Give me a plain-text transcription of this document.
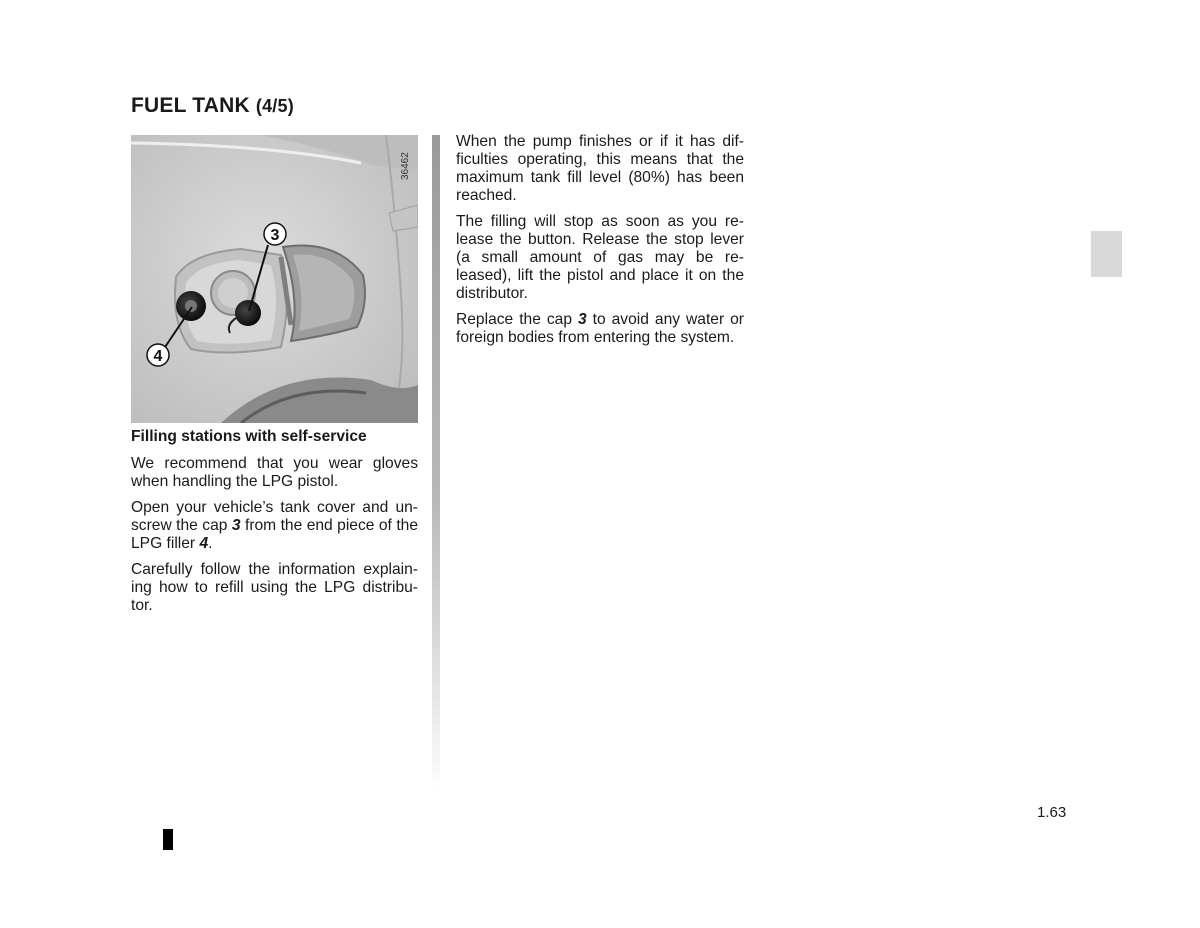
FUEL TANK (4/5)
3
4
36462

Filling stations with self-service

We recommend that you wear gloves when handling the LPG pistol.

Open your vehicle’s tank cover and un- screw the cap 3 from the end piece of the LPG filler 4.

Carefully follow the information explain- ing how to refill using the LPG distribu- tor.

When the pump finishes or if it has dif- ficulties operating, this means that the maximum tank fill level (80%) has been reached.

The filling will stop as soon as you re- lease the button. Release the stop lever (a small amount of gas may be re- leased), lift the pistol and place it on the distributor.

Replace the cap 3 to avoid any water or foreign bodies from entering the system.

1.63
